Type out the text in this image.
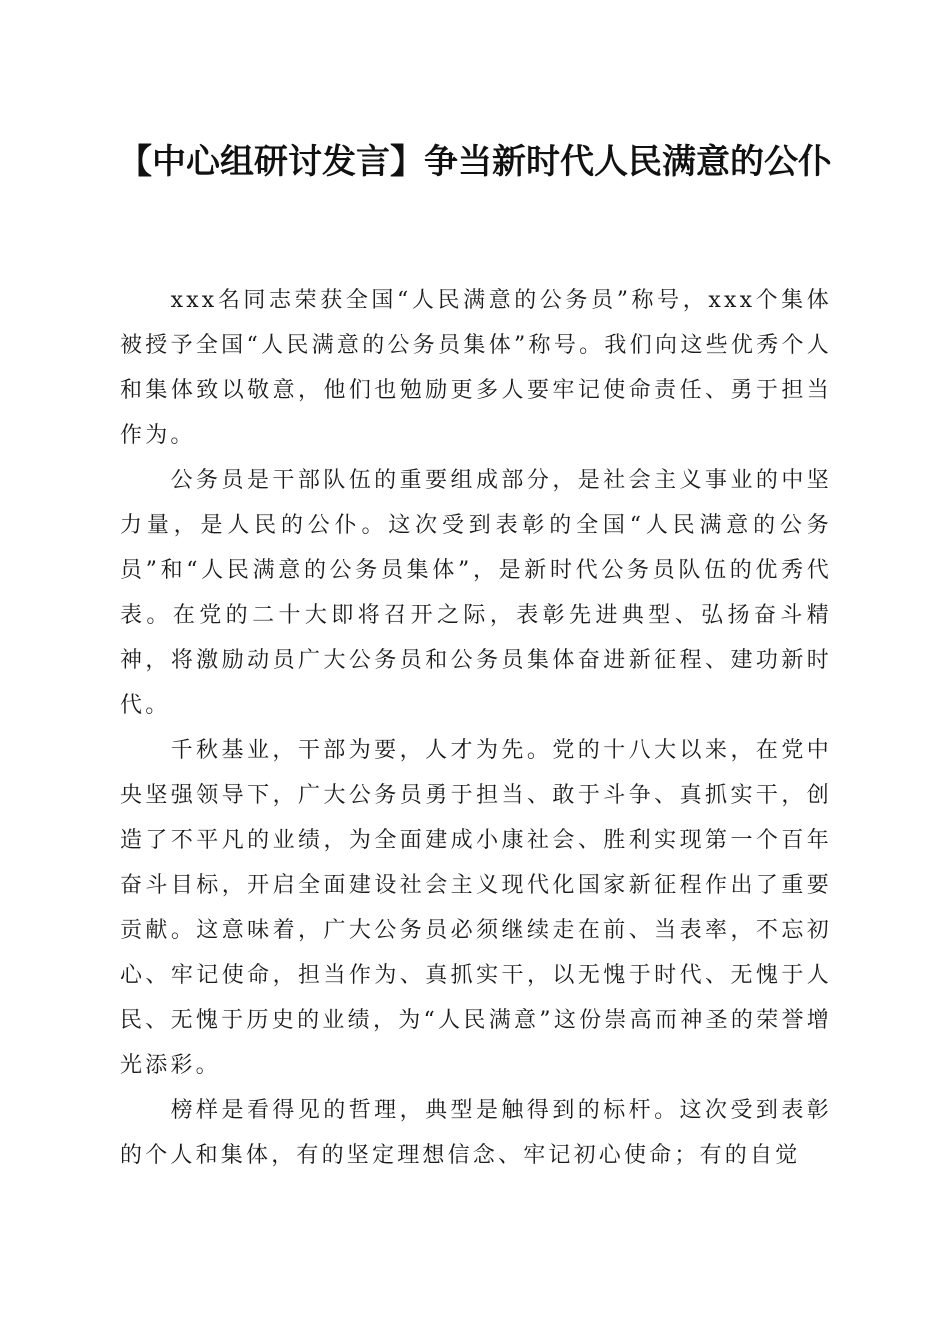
【中心组研讨发言】争当新时代人民满意的公仆

xxx名同志荣获全国“人民满意的公务员”称号，xxx个集体被授予全国“人民满意的公务员集体”称号。我们向这些优秀个人和集体致以敬意，他们也勉励更多人要牢记使命责任、勇于担当作为。

公务员是干部队伍的重要组成部分，是社会主义事业的中坚力量，是人民的公仆。这次受到表彰的全国“人民满意的公务员”和“人民满意的公务员集体”，是新时代公务员队伍的优秀代表。在党的二十大即将召开之际，表彰先进典型、弘扬奋斗精神，将激励动员广大公务员和公务员集体奋进新征程、建功新时代。

千秋基业，干部为要，人才为先。党的十八大以来，在党中央坚强领导下，广大公务员勇于担当、敢于斗争、真抓实干，创造了不平凡的业绩，为全面建成小康社会、胜利实现第一个百年奋斗目标，开启全面建设社会主义现代化国家新征程作出了重要贡献。这意味着，广大公务员必须继续走在前、当表率，不忘初心、牢记使命，担当作为、真抓实干，以无愧于时代、无愧于人民、无愧于历史的业绩，为“人民满意”这份崇高而神圣的荣誉增光添彩。

榜样是看得见的哲理，典型是触得到的标杆。这次受到表彰的个人和集体，有的坚定理想信念、牢记初心使命；有的自觉
